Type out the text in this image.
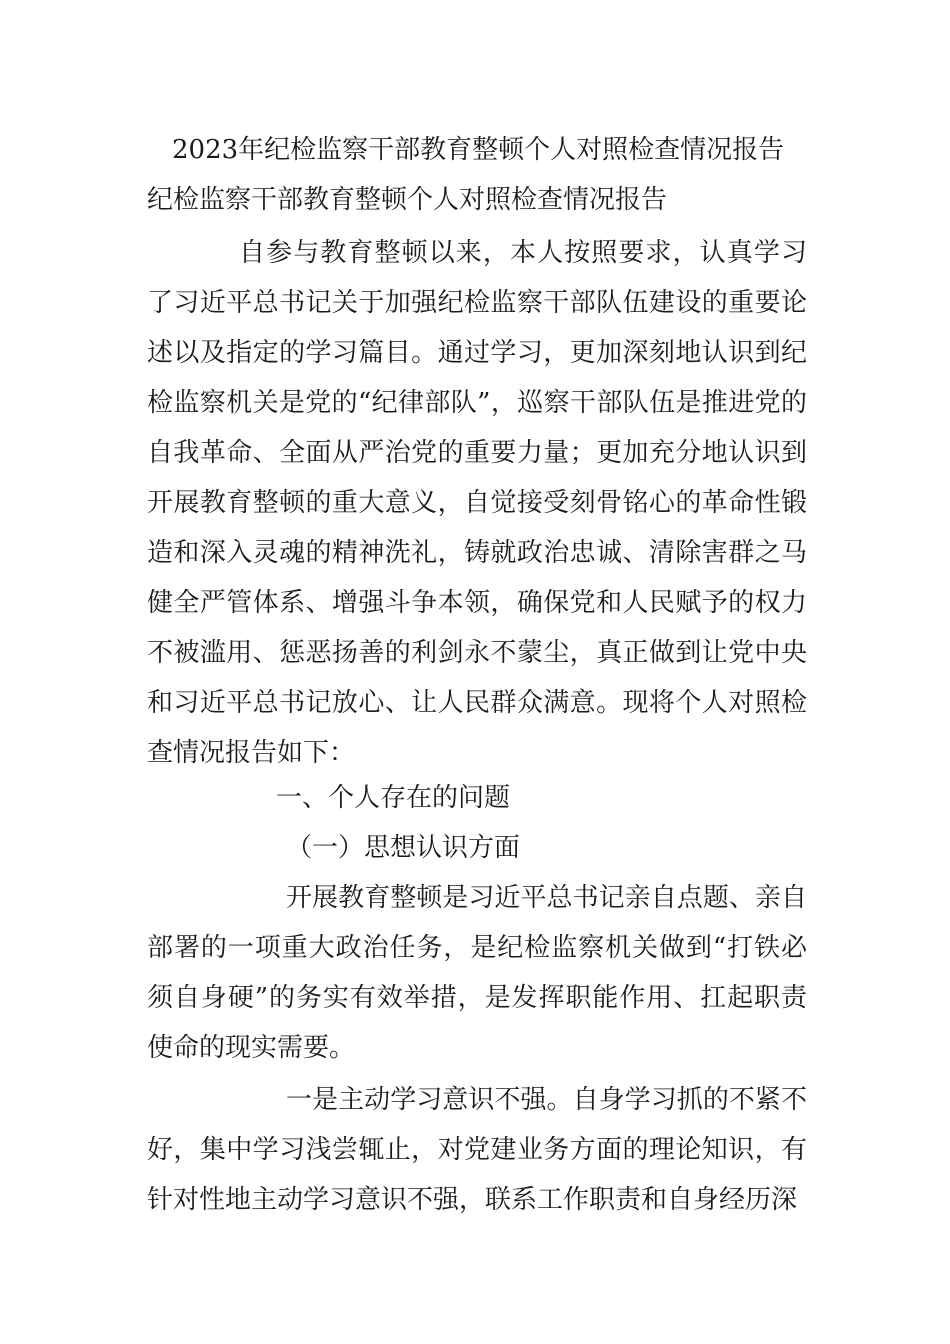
2023年纪检监察干部教育整顿个人对照检查情况报告
纪检监察干部教育整顿个人对照检查情况报告

自参与教育整顿以来，本人按照要求，认真学习了习近平总书记关于加强纪检监察干部队伍建设的重要论述以及指定的学习篇目。通过学习，更加深刻地认识到纪检监察机关是党的“纪律部队”，巡察干部队伍是推进党的自我革命、全面从严治党的重要力量；更加充分地认识到开展教育整顿的重大意义，自觉接受刻骨铭心的革命性锻造和深入灵魂的精神洗礼，铸就政治忠诚、清除害群之马健全严管体系、增强斗争本领，确保党和人民赋予的权力不被滥用、惩恶扬善的利剑永不蒙尘，真正做到让党中央和习近平总书记放心、让人民群众满意。现将个人对照检查情况报告如下：

一、个人存在的问题
（一）思想认识方面

开展教育整顿是习近平总书记亲自点题、亲自部署的一项重大政治任务，是纪检监察机关做到“打铁必须自身硬”的务实有效举措，是发挥职能作用、扛起职责使命的现实需要。

一是主动学习意识不强。自身学习抓的不紧不好，集中学习浅尝辄止，对党建业务方面的理论知识，有针对性地主动学习意识不强，联系工作职责和自身经历深
